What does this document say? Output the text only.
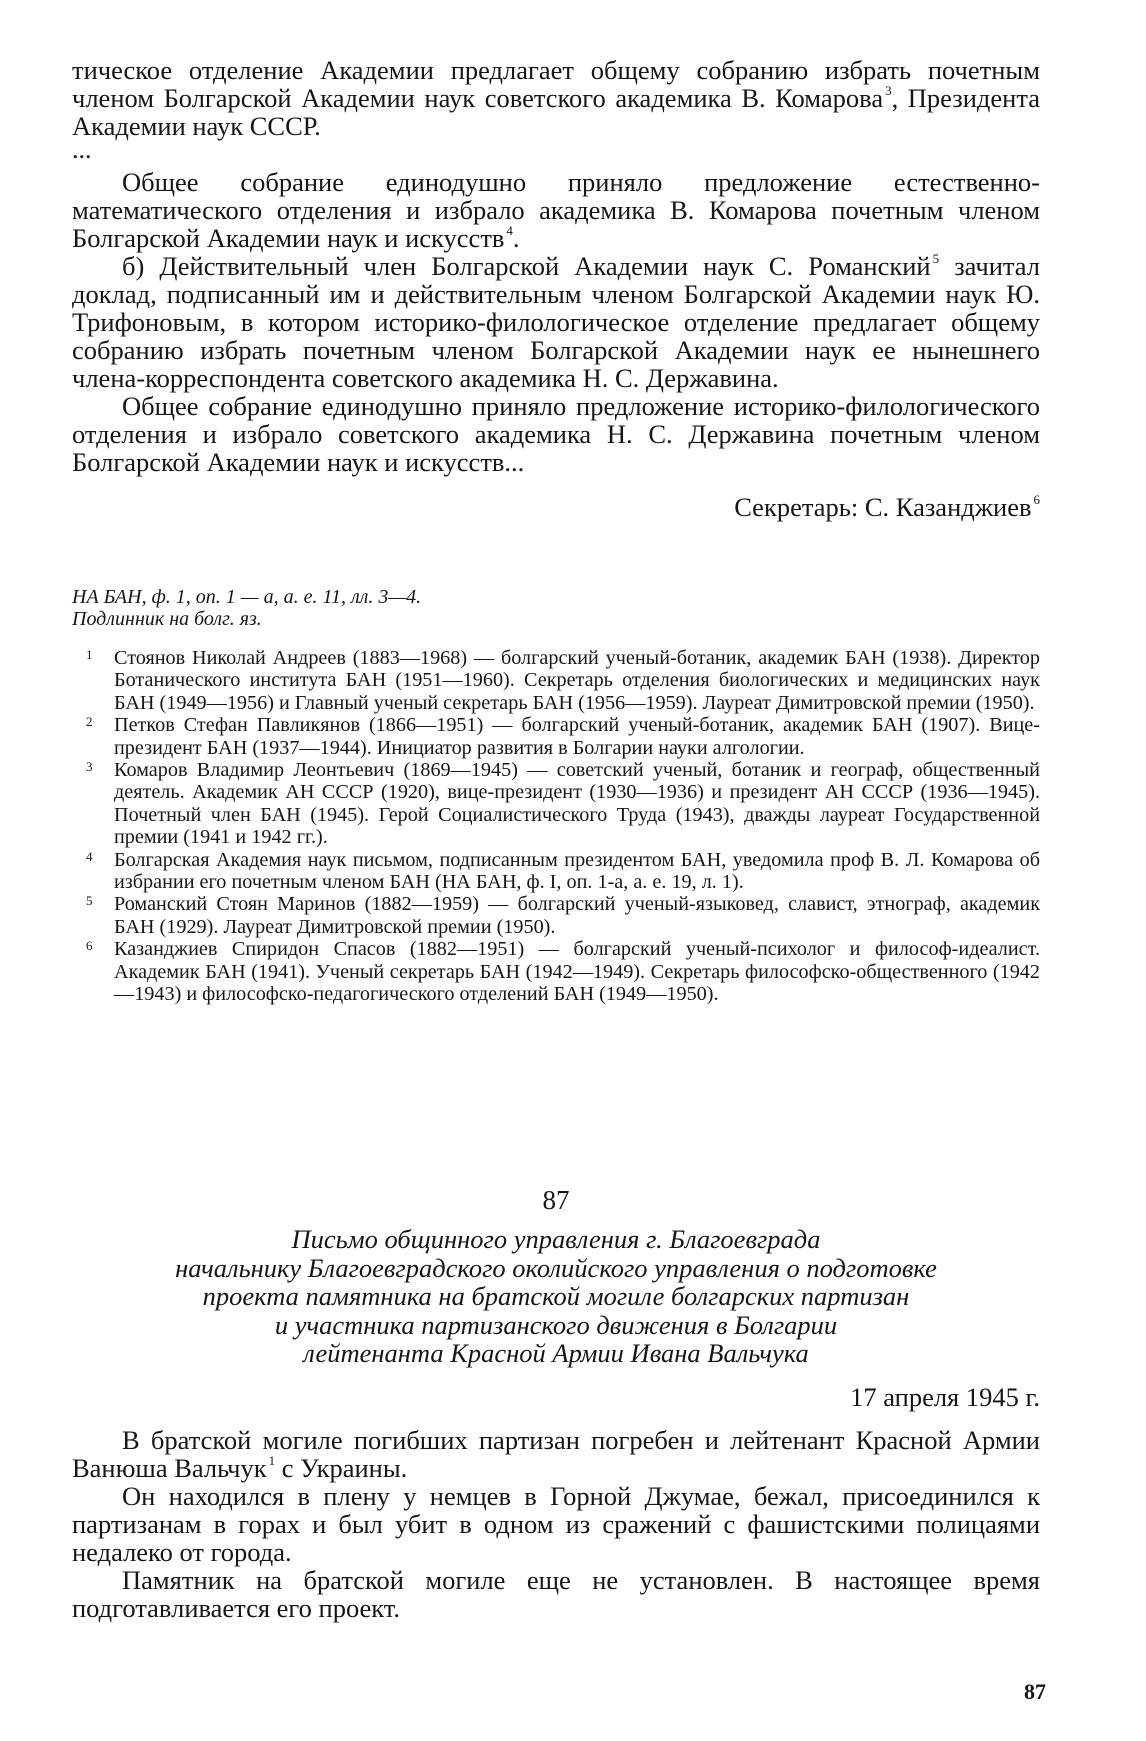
тическое отделение Академии предлагает общему собранию избрать почетным членом Болгарской Академии наук советского академика В. Комарова $^3$, Президента Академии наук СССР.

...

Общее собрание единодушно приняло предложение естественно-математического отделения и избрало академика В. Комарова почетным членом Болгарской Академии наук и искусств $^4$.

б) Действительный член Болгарской Академии наук С. Романский $^5$ зачитал доклад, подписанный им и действительным членом Болгарской Академии наук Ю. Трифоновым, в котором историко-филологическое отделение предлагает общему собранию избрать почетным членом Болгарской Академии наук ее нынешнего члена-корреспондента советского академика Н. С. Державина.

Общее собрание единодушно приняло предложение историко-филологического отделения и избрало советского академика Н. С. Державина почетным членом Болгарской Академии наук и искусств...

Секретарь: С. Казанджиев $^6$

НА БАН, ф. 1, оп. 1 — а, а. е. 11, лл. 3—4.

Подлинник на болг. яз.

1 Стоянов Николай Андреев (1883—1968) — болгарский ученый-ботаник, академик БАН (1938). Директор Ботанического института БАН (1951—1960). Секретарь отделения биологических и медицинских наук БАН (1949—1956) и Главный ученый секретарь БАН (1956—1959). Лауреат Димитровской премии (1950).
2 Петков Стефан Павликянов (1866—1951) — болгарский ученый-ботаник, академик БАН (1907). Вице-президент БАН (1937—1944). Инициатор развития в Болгарии науки алгологии.
3 Комаров Владимир Леонтьевич (1869—1945) — советский ученый, ботаник и географ, общественный деятель. Академик АН СССР (1920), вице-президент (1930—1936) и президент АН СССР (1936—1945). Почетный член БАН (1945). Герой Социалистического Труда (1943), дважды лауреат Государственной премии (1941 и 1942 гг.).
4 Болгарская Академия наук письмом, подписанным президентом БАН, уведомила проф В. Л. Комарова об избрании его почетным членом БАН (НА БАН, ф. I, оп. 1-а, а. е. 19, л. 1).
5 Романский Стоян Маринов (1882—1959) — болгарский ученый-языковед, славист, этнограф, академик БАН (1929). Лауреат Димитровской премии (1950).
6 Казанджиев Спиридон Спасов (1882—1951) — болгарский ученый-психолог и философ-идеалист. Академик БАН (1941). Ученый секретарь БАН (1942—1949). Секретарь философско-общественного (1942—1943) и философско-педагогического отделений БАН (1949—1950).

87

Письмо общинного управления г. Благоевграда
начальнику Благоевградского околийского управления о подготовке
проекта памятника на братской могиле болгарских партизан
и участника партизанского движения в Болгарии
лейтенанта Красной Армии Ивана Вальчука

17 апреля 1945 г.

В братской могиле погибших партизан погребен и лейтенант Красной Армии Ванюша Вальчук $^1$ с Украины.

Он находился в плену у немцев в Горной Джумае, бежал, присоединился к партизанам в горах и был убит в одном из сражений с фашистскими полицаями недалеко от города.

Памятник на братской могиле еще не установлен. В настоящее время подготавливается его проект.

87
